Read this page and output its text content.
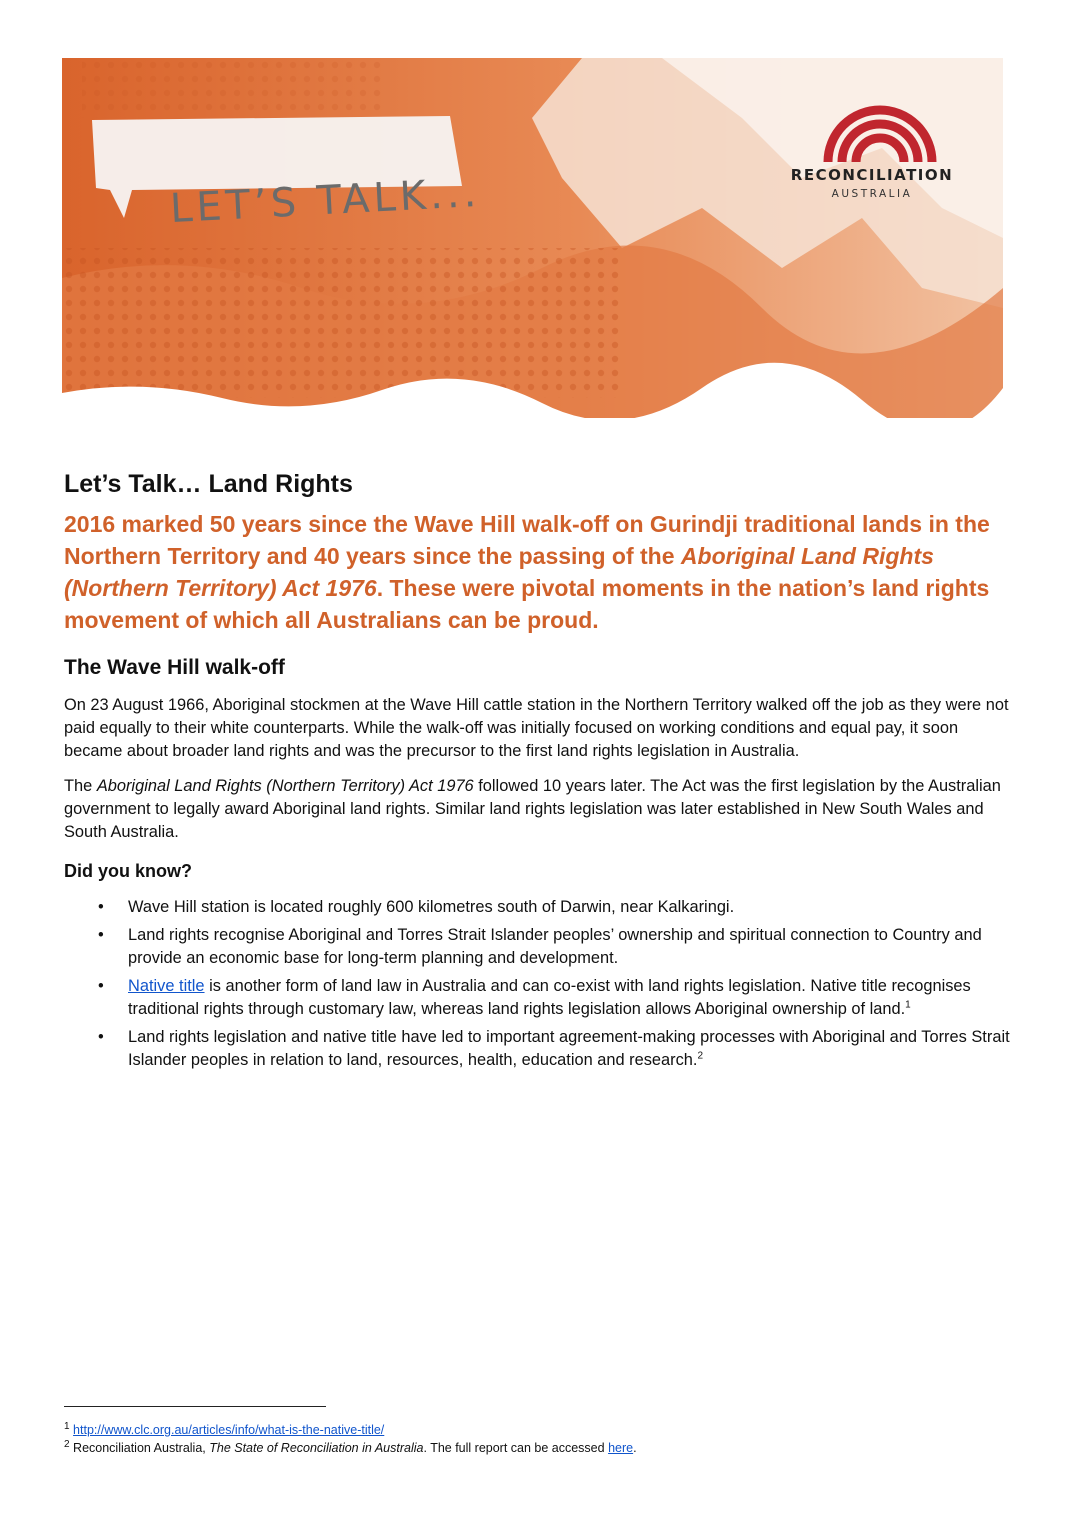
LET’S TALK...	RECONCILIATION
AUSTRALIA
Let’s Talk… Land Rights

2016 marked 50 years since the Wave Hill walk-off on Gurindji traditional lands in the Northern Territory and 40 years since the passing of the Aboriginal Land Rights (Northern Territory) Act 1976. These were pivotal moments in the nation’s land rights movement of which all Australians can be proud.

The Wave Hill walk-off

On 23 August 1966, Aboriginal stockmen at the Wave Hill cattle station in the Northern Territory walked off the job as they were not paid equally to their white counterparts. While the walk-off was initially focused on working conditions and equal pay, it soon became about broader land rights and was the precursor to the first land rights legislation in Australia.

The Aboriginal Land Rights (Northern Territory) Act 1976 followed 10 years later. The Act was the first legislation by the Australian government to legally award Aboriginal land rights. Similar land rights legislation was later established in New South Wales and South Australia.

Did you know?
• Wave Hill station is located roughly 600 kilometres south of Darwin, near Kalkaringi.
• Land rights recognise Aboriginal and Torres Strait Islander peoples’ ownership and spiritual connection to Country and provide an economic base for long-term planning and development.
• Native title is another form of land law in Australia and can co-exist with land rights legislation. Native title recognises traditional rights through customary law, whereas land rights legislation allows Aboriginal ownership of land.$^1$
• Land rights legislation and native title have led to important agreement-making processes with Aboriginal and Torres Strait Islander peoples in relation to land, resources, health, education and research.$^2$
$^1$ http://www.clc.org.au/articles/info/what-is-the-native-title/
$^2$ Reconciliation Australia, The State of Reconciliation in Australia. The full report can be accessed here.
